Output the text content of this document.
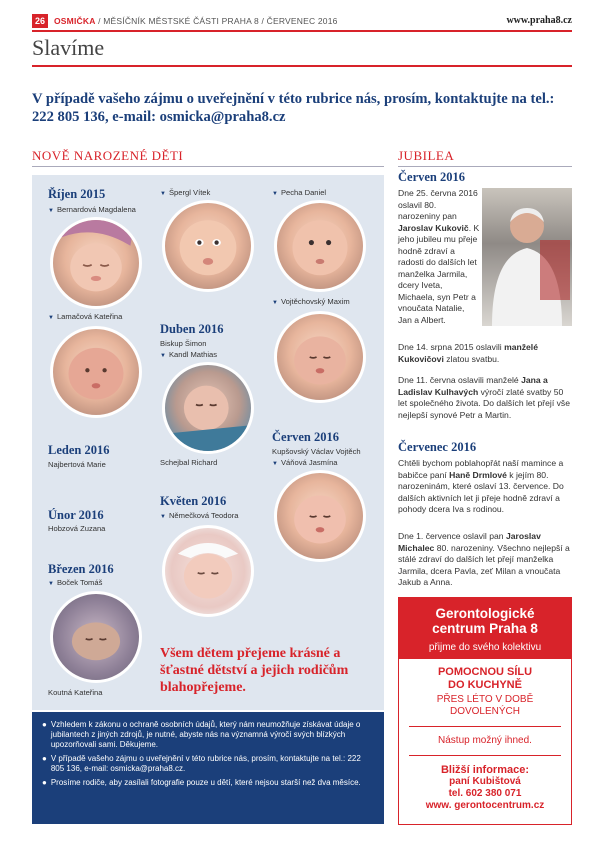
26	OSMIČKA / MĚSÍČNÍK MĚSTSKÉ ČÁSTI PRAHA 8 / ČERVENEC 2016	www.praha8.cz
Slavíme
V případě vašeho zájmu o uveřejnění v této rubrice nás, prosím, kontaktujte na tel.: 222 805 136, e-mail: osmicka@praha8.cz
NOVĚ NAROZENÉ DĚTI	JUBILEA
Říjen 2015
▼ Bernardová Magdalena
▼ Lamačová Kateřina
Leden 2016
Najbertová Marie
Únor 2016
Hobzová Zuzana
Březen 2016
▼ Boček Tomáš
Koutná Kateřina
▼ Špergl Vítek
Duben 2016
Biskup Šimon
▼ Kandl Mathias
Schejbal Richard
Květen 2016
▼ Němečková Teodora
▼ Pecha Daniel
▼ Vojtěchovský Maxim
Červen 2016
Kupšovský Václav Vojtěch
▼ Váňová Jasmína
Všem dětem přejeme krásné a šťastné dětství a jejich rodičům blahopřejeme.
● Vzhledem k zákonu o ochraně osobních údajů, který nám neumožňuje získávat údaje o jubilantech z jiných zdrojů, je nutné, abyste nás na významná výročí svých blízkých upozorňovali sami. Děkujeme.
● V případě vašeho zájmu o uveřejnění v této rubrice nás, prosím, kontaktujte na tel.: 222 805 136, e-mail: osmicka@praha8.cz.
● Prosíme rodiče, aby zasílali fotografie pouze u dětí, které nejsou starší než dva měsíce.
Červen 2016
Dne 25. června 2016 oslavil 80. narozeniny pan Jaroslav Kukovič. K jeho jubileu mu přeje hodně zdraví a radosti do dalších let manželka Jarmila, dcery Iveta, Michaela, syn Petr a vnoučata Natalie, Jan a Albert.
Dne 14. srpna 2015 oslavili manželé Kukovičovi zlatou svatbu.
Dne 11. června oslavili manželé Jana a Ladislav Kulhavých výročí zlaté svatby 50 let společného života. Do dalších let přejí vše nejlepší synové Petr a Martin.
Červenec 2016
Chtěli bychom poblahopřát naší mamince a babičce paní Haně Drmlové k jejím 80. narozeninám, které oslaví 13. července. Do dalších aktivních let ji přeje hodně zdraví a pohody dcera Iva s rodinou.
Dne 1. července oslavil pan Jaroslav Michalec 80. narozeniny. Všechno nejlepší a stálé zdraví do dalších let přejí manželka Jarmila, dcera Pavla, zeť Milan a vnoučata Jakub a Anna.
Gerontologické centrum Praha 8
přijme do svého kolektivu
POMOCNOU SÍLU DO KUCHYNĚ
PŘES LÉTO V DOBĚ DOVOLENÝCH
Nástup možný ihned.
Bližší informace:
paní Kubištová
tel. 602 380 071
www. gerontocentrum.cz
